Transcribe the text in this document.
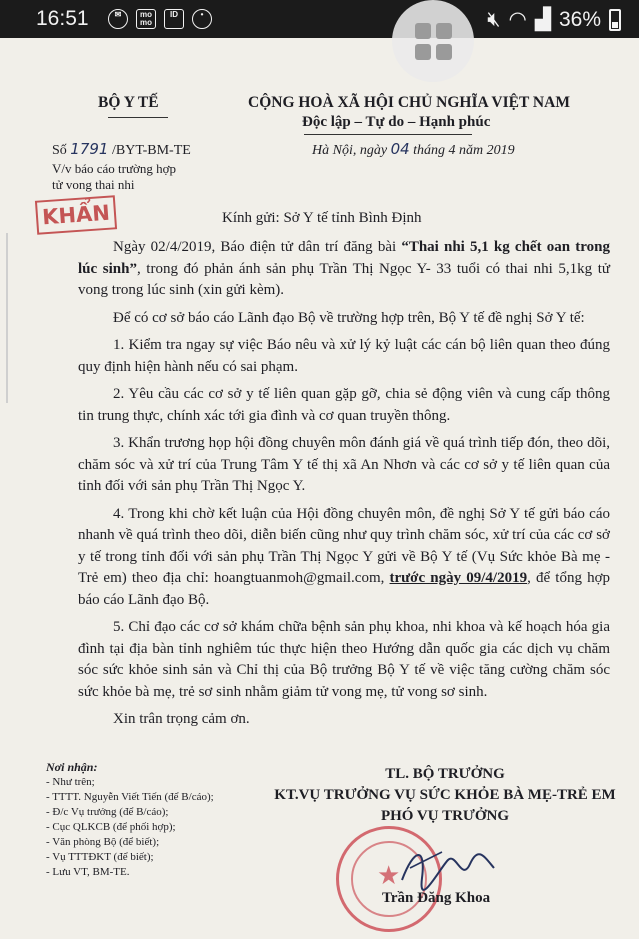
16:51	✉	mo mo
ID	•	🔇︎ ◠ ▟ 36%
BỘ Y TẾ	CỘNG HOÀ XÃ HỘI CHỦ NGHĨA VIỆT NAM
Độc lập – Tự do – Hạnh phúc
Số 1791 /BYT-BM-TE
V/v báo cáo trường hợp tử vong thai nhi
Hà Nội, ngày 04 tháng 4 năm 2019
KHẨN	Kính gửi: Sở Y tế tỉnh Bình Định

Ngày 02/4/2019, Báo điện tử dân trí đăng bài “Thai nhi 5,1 kg chết oan trong lúc sinh”, trong đó phản ánh sản phụ Trần Thị Ngọc Y- 33 tuổi có thai nhi 5,1kg tử vong trong lúc sinh (xin gửi kèm).

Để có cơ sở báo cáo Lãnh đạo Bộ về trường hợp trên, Bộ Y tế đề nghị Sở Y tế:

1. Kiểm tra ngay sự việc Báo nêu và xử lý kỷ luật các cán bộ liên quan theo đúng quy định hiện hành nếu có sai phạm.

2. Yêu cầu các cơ sở y tế liên quan gặp gỡ, chia sẻ động viên và cung cấp thông tin trung thực, chính xác tới gia đình và cơ quan truyền thông.

3. Khẩn trương họp hội đồng chuyên môn đánh giá về quá trình tiếp đón, theo dõi, chăm sóc và xử trí của Trung Tâm Y tế thị xã An Nhơn và các cơ sở y tế liên quan của tỉnh đối với sản phụ Trần Thị Ngọc Y.

4. Trong khi chờ kết luận của Hội đồng chuyên môn, đề nghị Sở Y tế gửi báo cáo nhanh về quá trình theo dõi, diễn biến cũng như quy trình chăm sóc, xử trí của các cơ sở y tế trong tỉnh đối với sản phụ Trần Thị Ngọc Y gửi về Bộ Y tế (Vụ Sức khỏe Bà mẹ - Trẻ em) theo địa chỉ: hoangtuanmoh@gmail.com, trước ngày 09/4/2019, để tổng hợp báo cáo Lãnh đạo Bộ.

5. Chỉ đạo các cơ sở khám chữa bệnh sản phụ khoa, nhi khoa và kế hoạch hóa gia đình tại địa bàn tỉnh nghiêm túc thực hiện theo Hướng dẫn quốc gia các dịch vụ chăm sóc sức khỏe sinh sản và Chỉ thị của Bộ trưởng Bộ Y tế về việc tăng cường chăm sóc sức khỏe bà mẹ, trẻ sơ sinh nhằm giảm tử vong mẹ, tử vong sơ sinh.

Xin trân trọng cảm ơn.

Nơi nhận:
- Như trên;
- TTTT. Nguyễn Viết Tiến (để B/cáo);
- Đ/c Vụ trưởng (để B/cáo);
- Cục QLKCB (để phối hợp);
- Văn phòng Bộ (để biết);
- Vụ TTTĐKT (để biết);
- Lưu VT, BM-TE.
TL. BỘ TRƯỞNG
KT.VỤ TRƯỞNG VỤ SỨC KHỎE BÀ MẸ-TRẺ EM
PHÓ VỤ TRƯỞNG
★
Trần Đăng Khoa
